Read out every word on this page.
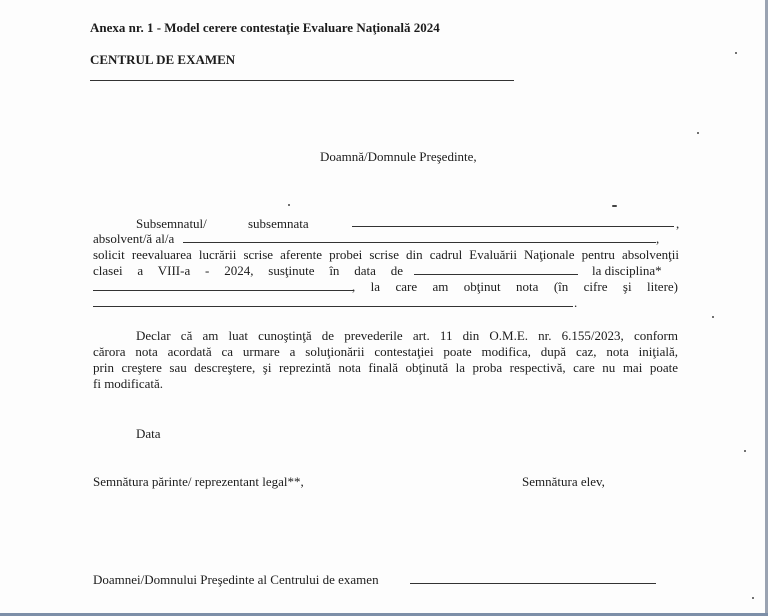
Anexa nr. 1 - Model cerere contestaţie Evaluare Naţională 2024
CENTRUL DE EXAMEN
Doamnă/Domnule Preşedinte,
Subsemnatul/	subsemnata	,
absolvent/ă al/a	,
solicit reevaluarea lucrării scrise aferente probei scrise din cadrul Evaluării Naţionale pentru absolvenţii
clasei a VIII-a - 2024, susţinute în data de	la disciplina*
, la care am obţinut nota (în cifre şi litere)
.
Declar că am luat cunoştinţă de prevederile art. 11 din O.M.E. nr. 6.155/2023, conform
cărora nota acordată ca urmare a soluţionării contestaţiei poate modifica, după caz, nota iniţială,
prin creştere sau descreştere, şi reprezintă nota finală obţinută la proba respectivă, care nu mai poate
fi modificată.
Data
Semnătura părinte/ reprezentant legal**,	Semnătura elev,
Doamnei/Domnului Preşedinte al Centrului de examen
